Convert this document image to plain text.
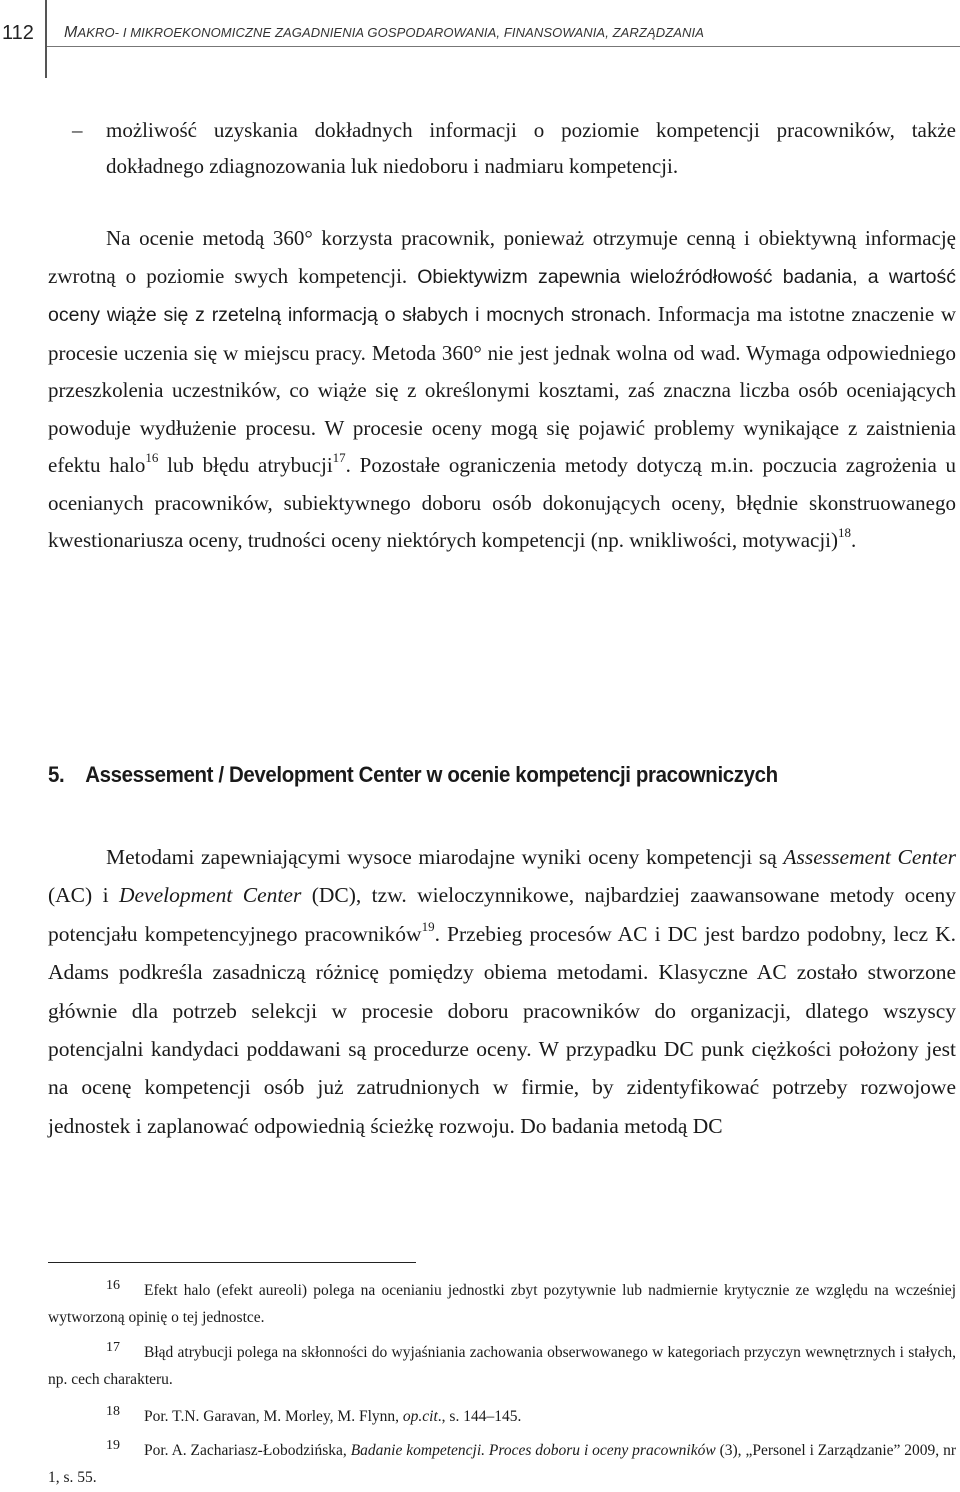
112 MAKRO- I MIKROEKONOMICZNE ZAGADNIENIA GOSPODAROWANIA, FINANSOWANIA, ZARZĄDZANIA
– możliwość uzyskania dokładnych informacji o poziomie kompetencji pracowników, także dokładnego zdiagnozowania luk niedoboru i nadmiaru kompetencji.
Na ocenie metodą 360° korzysta pracownik, ponieważ otrzymuje cenną i obiektywną informację zwrotną o poziomie swych kompetencji. Obiektywizm zapewnia wieloźródłowość badania, a wartość oceny wiąże się z rzetelną informacją o słabych i mocnych stronach. Informacja ma istotne znaczenie w procesie uczenia się w miejscu pracy. Metoda 360° nie jest jednak wolna od wad. Wymaga odpowiedniego przeszkolenia uczestników, co wiąże się z określonymi kosztami, zaś znaczna liczba osób oceniających powoduje wydłużenie procesu. W procesie oceny mogą się pojawić problemy wynikające z zaistnienia efektu halo$^{16}$ lub błędu atrybucji$^{17}$. Pozostałe ograniczenia metody dotyczą m.in. poczucia zagrożenia u ocenianych pracowników, subiektywnego doboru osób dokonujących oceny, błędnie skonstruowanego kwestionariusza oceny, trudności oceny niektórych kompetencji (np. wnikliwości, motywacji)$^{18}$.
5. Assessement / Development Center w ocenie kompetencji pracowniczych
Metodami zapewniającymi wysoce miarodajne wyniki oceny kompetencji są Assessement Center (AC) i Development Center (DC), tzw. wieloczynnikowe, najbardziej zaawansowane metody oceny potencjału kompetencyjnego pracowników$^{19}$. Przebieg procesów AC i DC jest bardzo podobny, lecz K. Adams podkreśla zasadniczą różnicę pomiędzy obiema metodami. Klasyczne AC zostało stworzone głównie dla potrzeb selekcji w procesie doboru pracowników do organizacji, dlatego wszyscy potencjalni kandydaci poddawani są procedurze oceny. W przypadku DC punk ciężkości położony jest na ocenę kompetencji osób już zatrudnionych w firmie, by zidentyfikować potrzeby rozwojowe jednostek i zaplanować odpowiednią ścieżkę rozwoju. Do badania metodą DC
16 Efekt halo (efekt aureoli) polega na ocenianiu jednostki zbyt pozytywnie lub nadmiernie krytycznie ze względu na wcześniej wytworzoną opinię o tej jednostce.
17 Błąd atrybucji polega na skłonności do wyjaśniania zachowania obserwowanego w kategoriach przyczyn wewnętrznych i stałych, np. cech charakteru.
18 Por. T.N. Garavan, M. Morley, M. Flynn, op.cit., s. 144–145.
19 Por. A. Zachariasz-Łobodzińska, Badanie kompetencji. Proces doboru i oceny pracowników (3), „Personel i Zarządzanie” 2009, nr 1, s. 55.
